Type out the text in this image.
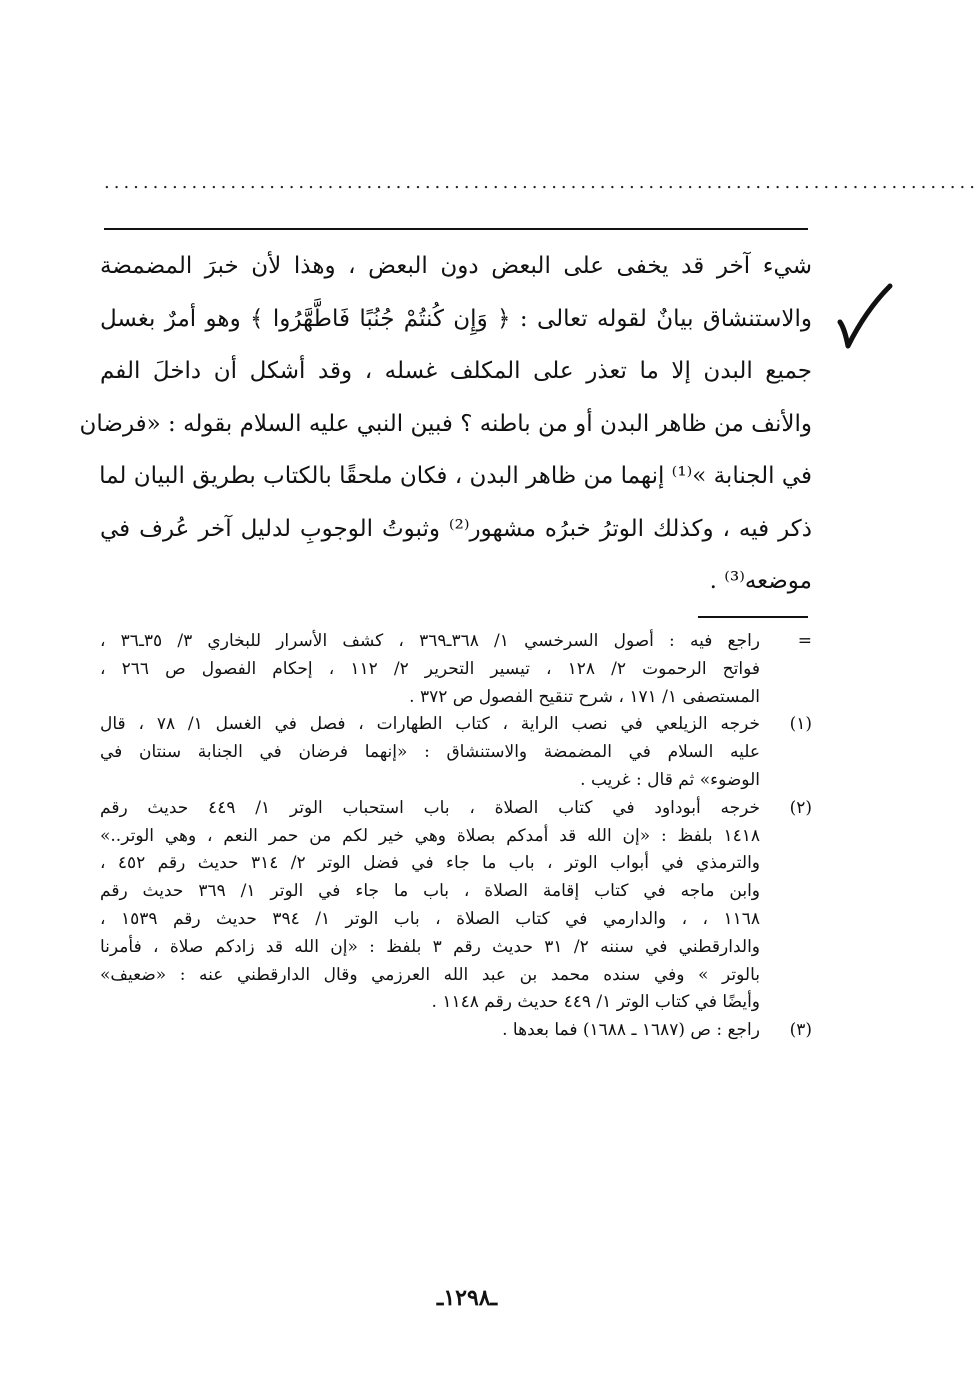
..........................................................................................
شيء آخر قد يخفى على البعض دون البعض ، وهذا لأن خبرَ المضمضة
والاستنشاق بيانٌ لقوله تعالى : ﴿ وَإِن كُنتُمْ جُنُبًا فَاطَّهَّرُوا ﴾ وهو أمرٌ بغسل
جميع البدن إلا ما تعذر على المكلف غسله ، وقد أشكل أن داخلَ الفم
والأنف من ظاهر البدن أو من باطنه ؟ فبين النبي عليه السلام بقوله : «فرضان
في الجنابة »⁽¹⁾ إنهما من ظاهر البدن ، فكان ملحقًا بالكتاب بطريق البيان لما
ذكر فيه ، وكذلك الوترُ خبرُه مشهور⁽²⁾ وثبوتُ الوجوبِ لدليل آخر عُرف في
موضعه⁽³⁾ .
=
راجع فيه : أصول السرخسي ١/ ٣٦٨ـ٣٦٩ ، كشف الأسرار للبخاري ٣/ ٣٥ـ٣٦ ،
فواتح الرحموت ٢/ ١٢٨ ، تيسير التحرير ٢/ ١١٢ ، إحكام الفصول ص ٢٦٦ ،
المستصفى ١/ ١٧١ ، شرح تنقيح الفصول ص ٣٧٢ .
(١)
خرجه الزيلعي في نصب الراية ، كتاب الطهارات ، فصل في الغسل ١/ ٧٨ ، قال
عليه السلام في المضمضة والاستنشاق : «إنهما فرضان في الجنابة سنتان في
الوضوء» ثم قال : غريب .
(٢)
خرجه أبوداود في كتاب الصلاة ، باب استحباب الوتر ١/ ٤٤٩ حديث رقم
١٤١٨ بلفظ : «إن الله قد أمدكم بصلاة وهي خير لكم من حمر النعم ، وهي الوتر..»
والترمذي في أبواب الوتر ، باب ما جاء في فضل الوتر ٢/ ٣١٤ حديث رقم ٤٥٢ ،
وابن ماجه في كتاب إقامة الصلاة ، باب ما جاء في الوتر ١/ ٣٦٩ حديث رقم
١١٦٨ ، ، والدارمي في كتاب الصلاة ، باب الوتر ١/ ٣٩٤ حديث رقم ١٥٣٩ ،
والدارقطني في سننه ٢/ ٣١ حديث رقم ٣ بلفظ : «إن الله قد زادكم صلاة ، فأمرنا
بالوتر » وفي سنده محمد بن عبد الله العرزمي وقال الدارقطني عنه : «ضعيف»
وأيضًا في كتاب الوتر ١/ ٤٤٩ حديث رقم ١١٤٨ .
(٣)
راجع : ص (١٦٨٧ ـ ١٦٨٨) فما بعدها .
ـ١٢٩٨ـ
